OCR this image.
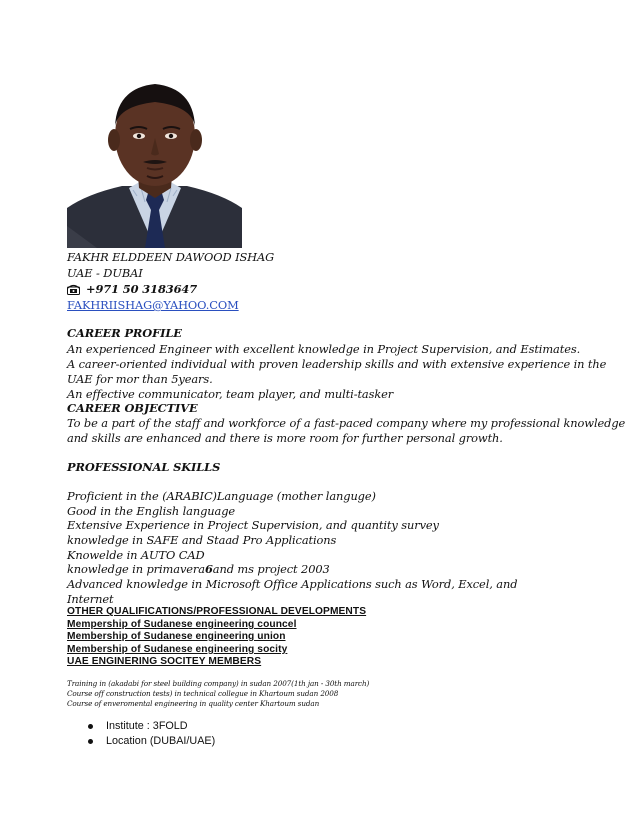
FAKHR ELDDEEN DAWOOD ISHAG
UAE - DUBAI
+971 50 3183647
FAKHRIISHAG@YAHOO.COM
CAREER PROFILE
An experienced Engineer with excellent knowledge in Project Supervision, and Estimates.
A career-oriented individual with proven leadership skills and with extensive experience in the
UAE for mor than 5years.
An effective communicator, team player, and multi-tasker
CAREER OBJECTIVE
To be a part of the staff and workforce of a fast-paced company where my professional knowledge
and skills are enhanced and there is more room for further personal growth.
PROFESSIONAL SKILLS
Proficient in the (ARABIC)Language (mother languge)
Good in the English language
Extensive Experience in Project Supervision, and quantity survey
knowledge in SAFE and Staad Pro Applications
Knowelde in AUTO CAD
knowledge in primavera6and ms project 2003
Advanced knowledge in Microsoft Office Applications such as Word, Excel, and
Internet
OTHER QUALIFICATIONS/PROFESSIONAL DEVELOPMENTS
Mempership of Sudanese engineering councel
Membership of Sudanese engineering union
Membership of Sudanese engineering socity
UAE ENGINERING SOCITEY MEMBERS
Training in (akadabi for steel building company) in sudan 2007(1th jan - 30th march)
Course off construction tests) in technical collegue in Khartoum sudan 2008
Course of enveromental engineering in quality center Khartoum sudan
Institute : 3FOLD
Location (DUBAI/UAE)
